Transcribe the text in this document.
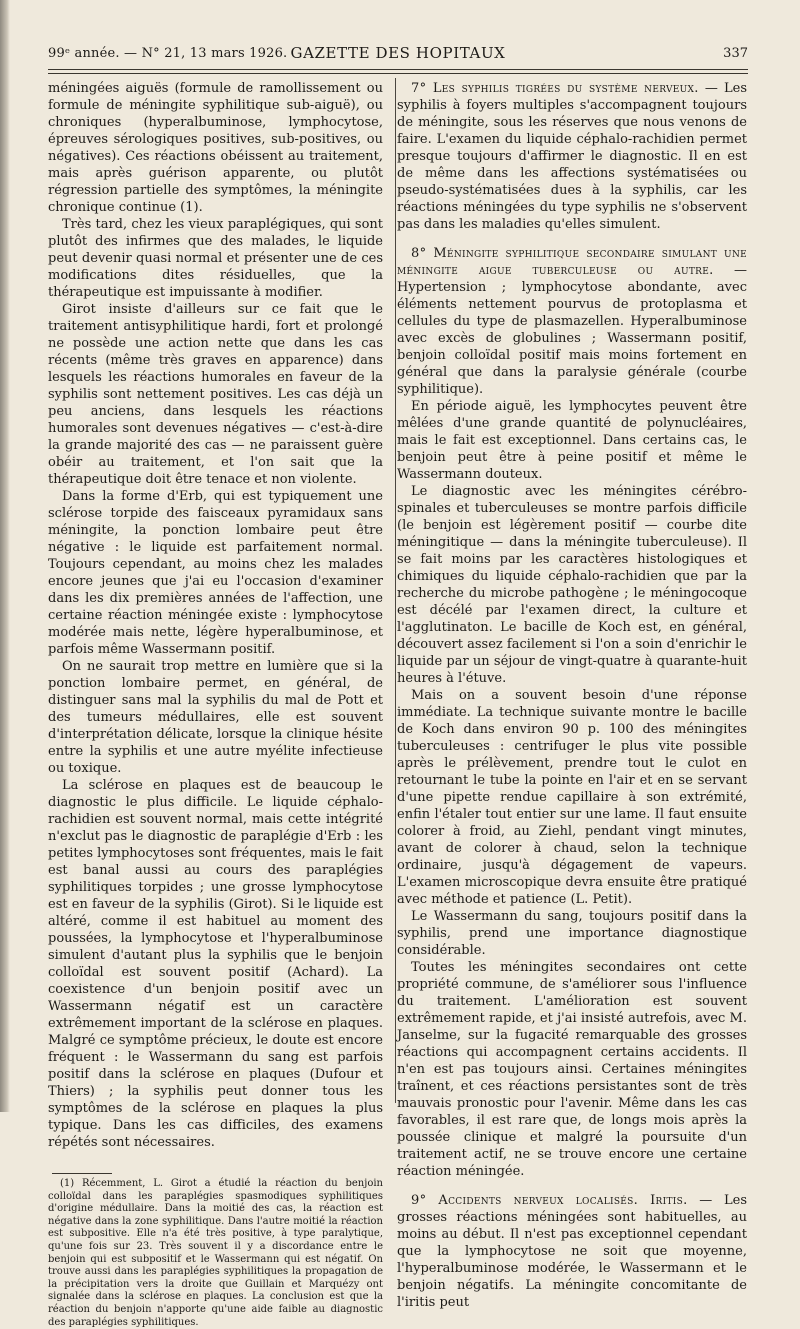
99ᵉ année. — N° 21, 13 mars 1926. GAZETTE DES HOPITAUX	337

méningées aiguës (formule de ramollissement ou formule de méningite syphilitique sub-aiguë), ou chroniques (hyperalbuminose, lymphocytose, épreuves sérologiques positives, sub-positives, ou négatives). Ces réactions obéissent au traitement, mais après guérison apparente, ou plutôt régression partielle des symptômes, la méningite chronique continue (1).

Très tard, chez les vieux paraplégiques, qui sont plutôt des infirmes que des malades, le liquide peut devenir quasi normal et présenter une de ces modifications dites résiduelles, que la thérapeutique est impuissante à modifier.

Girot insiste d'ailleurs sur ce fait que le traitement antisyphilitique hardi, fort et prolongé ne possède une action nette que dans les cas récents (même très graves en apparence) dans lesquels les réactions humorales en faveur de la syphilis sont nettement positives. Les cas déjà un peu anciens, dans lesquels les réactions humorales sont devenues négatives — c'est-à-dire la grande majorité des cas — ne paraissent guère obéir au traitement, et l'on sait que la thérapeutique doit être tenace et non violente.

Dans la forme d'Erb, qui est typiquement une sclérose torpide des faisceaux pyramidaux sans méningite, la ponction lombaire peut être négative : le liquide est parfaitement normal. Toujours cependant, au moins chez les malades encore jeunes que j'ai eu l'occasion d'examiner dans les dix premières années de l'affection, une certaine réaction méningée existe : lymphocytose modérée mais nette, légère hyperalbuminose, et parfois même Wassermann positif.

On ne saurait trop mettre en lumière que si la ponction lombaire permet, en général, de distinguer sans mal la syphilis du mal de Pott et des tumeurs médullaires, elle est souvent d'interprétation délicate, lorsque la clinique hésite entre la syphilis et une autre myélite infectieuse ou toxique.

La sclérose en plaques est de beaucoup le diagnostic le plus difficile. Le liquide céphalo-rachidien est souvent normal, mais cette intégrité n'exclut pas le diagnostic de paraplégie d'Erb : les petites lymphocytoses sont fréquentes, mais le fait est banal aussi au cours des paraplégies syphilitiques torpides ; une grosse lymphocytose est en faveur de la syphilis (Girot). Si le liquide est altéré, comme il est habituel au moment des poussées, la lymphocytose et l'hyperalbuminose simulent d'autant plus la syphilis que le benjoin colloïdal est souvent positif (Achard). La coexistence d'un benjoin positif avec un Wassermann négatif est un caractère extrêmement important de la sclérose en plaques. Malgré ce symptôme précieux, le doute est encore fréquent : le Wassermann du sang est parfois positif dans la sclérose en plaques (Dufour et Thiers) ; la syphilis peut donner tous les symptômes de la sclérose en plaques la plus typique. Dans les cas difficiles, des examens répétés sont nécessaires.

(1) Récemment, L. Girot a étudié la réaction du benjoin colloïdal dans les paraplégies spasmodiques syphilitiques d'origine médullaire. Dans la moitié des cas, la réaction est négative dans la zone syphilitique. Dans l'autre moitié la réaction est subpositive. Elle n'a été très positive, à type paralytique, qu'une fois sur 23. Très souvent il y a discordance entre le benjoin qui est subpositif et le Wassermann qui est négatif. On trouve aussi dans les paraplégies syphilitiques la propagation de la précipitation vers la droite que Guillain et Marquézy ont signalée dans la sclérose en plaques. La conclusion est que la réaction du benjoin n'apporte qu'une aide faible au diagnostic des paraplégies syphilitiques.

7° Les syphilis tigrées du système nerveux. — Les syphilis à foyers multiples s'accompagnent toujours de méningite, sous les réserves que nous venons de faire. L'examen du liquide céphalo-rachidien permet presque toujours d'affirmer le diagnostic. Il en est de même dans les affections systématisées ou pseudo-systématisées dues à la syphilis, car les réactions méningées du type syphilis ne s'observent pas dans les maladies qu'elles simulent.

8° Méningite syphilitique secondaire simulant une méningite aigue tuberculeuse ou autre. — Hypertension ; lymphocytose abondante, avec éléments nettement pourvus de protoplasma et cellules du type de plasmazellen. Hyperalbuminose avec excès de globulines ; Wassermann positif, benjoin colloïdal positif mais moins fortement en général que dans la paralysie générale (courbe syphilitique).

En période aiguë, les lymphocytes peuvent être mêlées d'une grande quantité de polynucléaires, mais le fait est exceptionnel. Dans certains cas, le benjoin peut être à peine positif et même le Wassermann douteux.

Le diagnostic avec les méningites cérébro-spinales et tuberculeuses se montre parfois difficile (le benjoin est légèrement positif — courbe dite méningitique — dans la méningite tuberculeuse). Il se fait moins par les caractères histologiques et chimiques du liquide céphalo-rachidien que par la recherche du microbe pathogène ; le méningocoque est décélé par l'examen direct, la culture et l'agglutinaton. Le bacille de Koch est, en général, découvert assez facilement si l'on a soin d'enrichir le liquide par un séjour de vingt-quatre à quarante-huit heures à l'étuve.

Mais on a souvent besoin d'une réponse immédiate. La technique suivante montre le bacille de Koch dans environ 90 p. 100 des méningites tuberculeuses : centrifuger le plus vite possible après le prélèvement, prendre tout le culot en retournant le tube la pointe en l'air et en se servant d'une pipette rendue capillaire à son extrémité, enfin l'étaler tout entier sur une lame. Il faut ensuite colorer à froid, au Ziehl, pendant vingt minutes, avant de colorer à chaud, selon la technique ordinaire, jusqu'à dégagement de vapeurs. L'examen microscopique devra ensuite être pratiqué avec méthode et patience (L. Petit).

Le Wassermann du sang, toujours positif dans la syphilis, prend une importance diagnostique considérable.

Toutes les méningites secondaires ont cette propriété commune, de s'améliorer sous l'influence du traitement. L'amélioration est souvent extrêmement rapide, et j'ai insisté autrefois, avec M. Janselme, sur la fugacité remarquable des grosses réactions qui accompagnent certains accidents. Il n'en est pas toujours ainsi. Certaines méningites traînent, et ces réactions persistantes sont de très mauvais pronostic pour l'avenir. Même dans les cas favorables, il est rare que, de longs mois après la poussée clinique et malgré la poursuite d'un traitement actif, ne se trouve encore une certaine réaction méningée.

9° Accidents nerveux localisés. Iritis. — Les grosses réactions méningées sont habituelles, au moins au début. Il n'est pas exceptionnel cependant que la lymphocytose ne soit que moyenne, l'hyperalbuminose modérée, le Wassermann et le benjoin négatifs. La méningite concomitante de l'iritis peut
